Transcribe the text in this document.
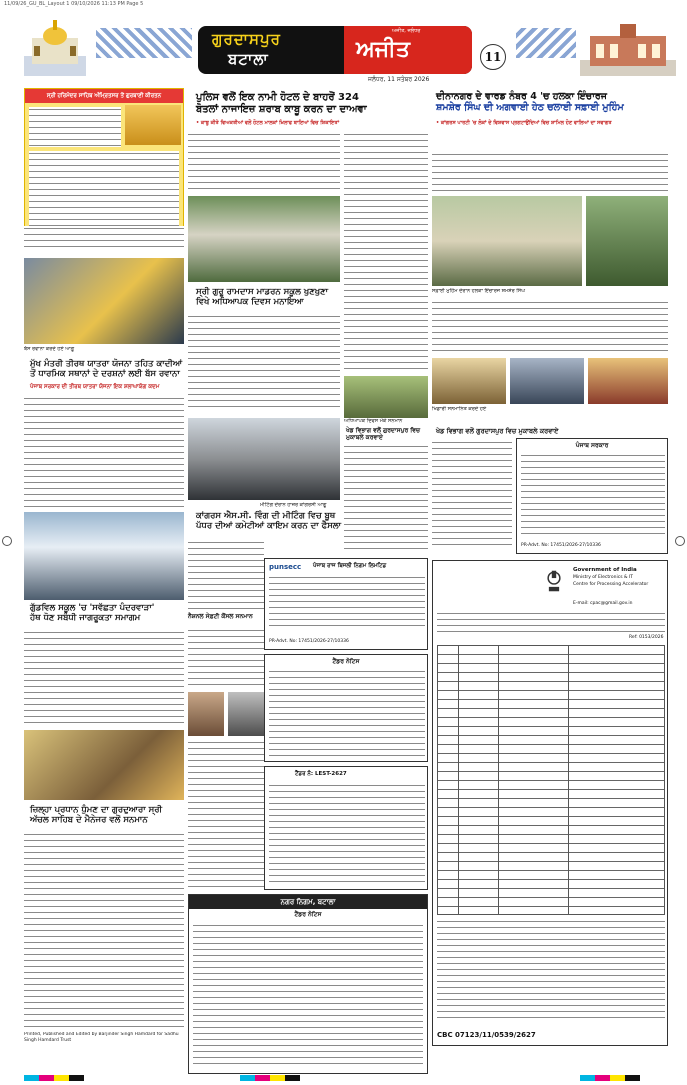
11/09/26_GU_BL_Layout 1 09/10/2026 11:13 PM Page 5
ਗੁਰਦਾਸਪੁਰ
ਬਟਾਲਾ
ਅਜੀਤ, ਜਲੰਧਰ
ਅਜੀਤ	11
ਜਲੰਧਰ, 11 ਸਤੰਬਰ 2026
ਸ੍ਰੀ ਹਰਿਮੰਦਰ ਸਾਹਿਬ ਅੰਮ੍ਰਿਤਸਰ ਤੋਂ ਗੁਰਬਾਣੀ ਕੀਰਤਨ
ਬੱਸ ਰਵਾਨਾ ਕਰਦੇ ਹੋਏ ਆਗੂ
ਮੁੱਖ ਮੰਤਰੀ ਤੀਰਥ ਯਾਤਰਾ ਯੋਜਨਾ ਤਹਿਤ ਕਾਦੀਆਂ
ਤੋਂ ਧਾਰਮਿਕ ਸਥਾਨਾਂ ਦੇ ਦਰਸ਼ਨਾਂ ਲਈ ਬੱਸ ਰਵਾਨਾ
ਪੰਜਾਬ ਸਰਕਾਰ ਦੀ ਤੀਰਥ ਯਾਤਰਾ ਯੋਜਨਾ ਇਕ ਸ਼ਲਾਘਾਯੋਗ ਕਦਮ
ਗੁੱਡਵਿਲ ਸਕੂਲ 'ਚ 'ਸਵੱਛਤਾ ਪੰਦਰਵਾੜਾ'
ਹੱਥ ਧੋਣ ਸਬੰਧੀ ਜਾਗਰੂਕਤਾ ਸਮਾਗਮ
ਜ਼ਿਲ੍ਹਾ ਪ੍ਰਧਾਨ ਧੁੰਮਣ ਦਾ ਗੁਰਦੁਆਰਾ ਸ੍ਰੀ
ਅੱਚਲ ਸਾਹਿਬ ਦੇ ਮੈਨੇਜਰ ਵਲੋਂ ਸਨਮਾਨ
Printed, Published and Edited by Barjinder Singh Hamdard for Sadhu Singh Hamdard Trust
ਪੁਲਿਸ ਵਲੋਂ ਇਕ ਨਾਮੀ ਹੋਟਲ ਦੇ ਬਾਹਰੋਂ 324
ਬੋਤਲਾਂ ਨਾਜਾਇਜ਼ ਸ਼ਰਾਬ ਕਾਬੂ ਕਰਨ ਦਾ ਦਾਅਵਾ
• ਕਾਬੂ ਕੀਤੇ ਵਿਅਕਤੀਆਂ ਵਲੋਂ ਹੋਟਲ ਮਾਲਕਾਂ ਖ਼ਿਲਾਫ ਥਾਣਿਆਂ ਵਿਚ ਸ਼ਿਕਾਇਤਾਂ
ਸ੍ਰੀ ਗੁਰੂ ਰਾਮਦਾਸ ਮਾਡਰਨ ਸਕੂਲ ਖੁਣਖੁਣਾ
ਵਿਖੇ ਅਧਿਆਪਕ ਦਿਵਸ ਮਨਾਇਆ
ਅਧਿਆਪਕ ਦਿਵਸ ਮੌਕੇ ਸਨਮਾਨ
ਮੀਟਿੰਗ ਦੌਰਾਨ ਹਾਜ਼ਰ ਕਾਂਗਰਸੀ ਆਗੂ
ਕਾਂਗਰਸ ਐਸ.ਸੀ. ਵਿੰਗ ਦੀ ਮੀਟਿੰਗ ਵਿਚ ਬੂਥ
ਪੱਧਰ ਦੀਆਂ ਕਮੇਟੀਆਂ ਕਾਇਮ ਕਰਨ ਦਾ ਫੈਸਲਾ
ਖੇਡ ਵਿਭਾਗ ਵਲੋਂ ਗੁਰਦਾਸਪੁਰ ਵਿਚ ਮੁਕਾਬਲੇ ਕਰਵਾਏ
punsecc ਪੰਜਾਬ ਰਾਜ ਬਿਜਲੀ ਨਿਗਮ ਲਿਮਟਿਡ
PR-Advt. No: 17451/2026-27/10336
ਨੈਸ਼ਨਲ ਸੇਫ਼ਟੀ ਕੌਂਸਲ ਸਨਮਾਨ
ਟੈਂਡਰ ਨੋਟਿਸ
ਟੈਂਡਰ ਨੰ: LEST-2627
ਨਗਰ ਨਿਗਮ, ਬਟਾਲਾ
ਟੈਂਡਰ ਨੋਟਿਸ
ਦੀਨਾਨਗਰ ਦੇ ਵਾਰਡ ਨੰਬਰ 4 'ਚ ਹਲਕਾ ਇੰਚਾਰਜ
ਸ਼ਮਸ਼ੇਰ ਸਿੰਘ ਦੀ ਅਗਵਾਈ ਹੇਠ ਚਲਾਈ ਸਫ਼ਾਈ ਮੁਹਿੰਮ
• ਕਾਂਗਰਸ ਪਾਰਟੀ 'ਚ ਲੋਕਾਂ ਦੇ ਵਿਸ਼ਵਾਸ ਪ੍ਰਗਟਾਉਂਦਿਆਂ ਵਿਚ ਸ਼ਾਮਿਲ ਹੋਣ ਵਾਲਿਆਂ ਦਾ ਸਵਾਗਤ
ਸਫ਼ਾਈ ਮੁਹਿੰਮ ਦੌਰਾਨ ਹਲਕਾ ਇੰਚਾਰਜ ਸ਼ਮਸ਼ੇਰ ਸਿੰਘ
ਖਿਡਾਰੀ ਸਨਮਾਨਿਤ ਕਰਦੇ ਹੋਏ
ਖੇਡ ਵਿਭਾਗ ਵਲੋਂ ਗੁਰਦਾਸਪੁਰ ਵਿਚ ਮੁਕਾਬਲੇ ਕਰਵਾਏ
ਪੰਜਾਬ ਸਰਕਾਰ
PR-Advt. No: 17451/2026-27/10336
Government of India
Ministry of Electronics & IT
Centre for Processing Accelerator
E-mail: cpac@gmail.gov.in
Ref: 0153/2026
CBC 07123/11/0539/2627
